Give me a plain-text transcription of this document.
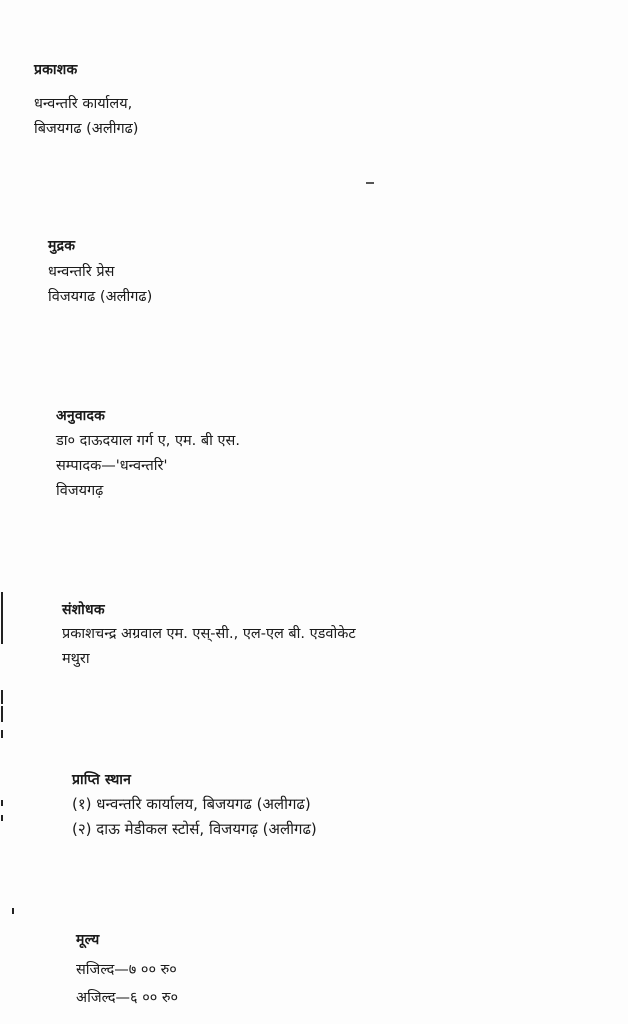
प्रकाशक
धन्वन्तरि कार्यालय,
बिजयगढ (अलीगढ)
मुद्रक
धन्वन्तरि प्रेस
विजयगढ (अलीगढ)
अनुवादक
डा० दाऊदयाल गर्ग ए, एम. बी एस.
सम्पादक—'धन्वन्तरि'
विजयगढ़
संशोधक
प्रकाशचन्द्र अग्रवाल एम. एस्-सी., एल-एल बी. एडवोकेट
मथुरा
प्राप्ति स्थान
(१) धन्वन्तरि कार्यालय, बिजयगढ (अलीगढ)
(२) दाऊ मेडीकल स्टोर्स, विजयगढ़ (अलीगढ)
मूल्य
सजिल्द—७ ०० रु०
अजिल्द—६ ०० रु०
